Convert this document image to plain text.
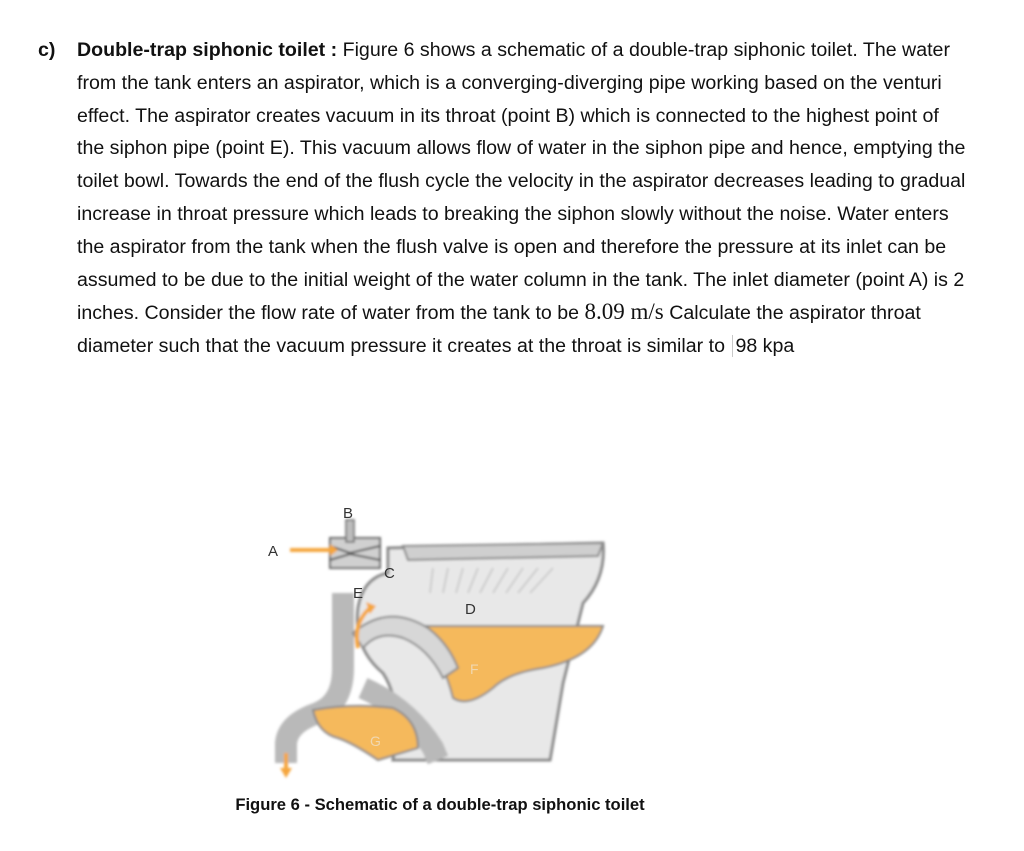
c) Double-trap siphonic toilet : Figure 6 shows a schematic of a double-trap siphonic toilet. The water from the tank enters an aspirator, which is a converging-diverging pipe working based on the venturi effect. The aspirator creates vacuum in its throat (point B) which is connected to the highest point of the siphon pipe (point E). This vacuum allows flow of water in the siphon pipe and hence, emptying the toilet bowl. Towards the end of the flush cycle the velocity in the aspirator decreases leading to gradual increase in throat pressure which leads to breaking the siphon slowly without the noise. Water enters the aspirator from the tank when the flush valve is open and therefore the pressure at its inlet can be assumed to be due to the initial weight of the water column in the tank. The inlet diameter (point A) is 2 inches. Consider the flow rate of water from the tank to be 8.09 m/s Calculate the aspirator throat diameter such that the vacuum pressure it creates at the throat is similar to 98 kpa
B
A
C
E
D
F
G
Figure 6 - Schematic of a double-trap siphonic toilet
